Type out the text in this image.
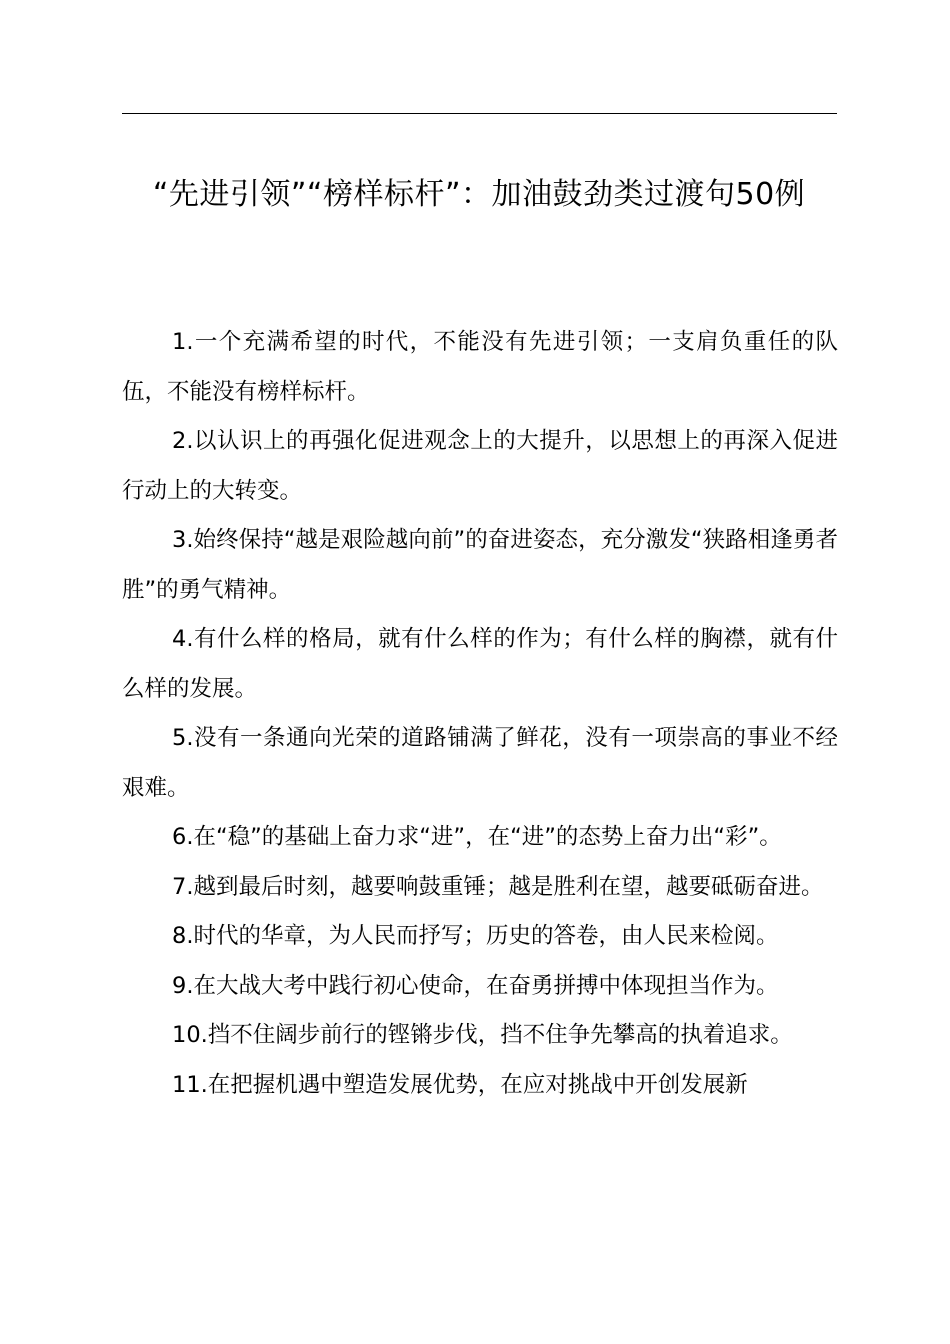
“先进引领”“榜样标杆”：加油鼓劲类过渡句50例

1.一个充满希望的时代，不能没有先进引领；一支肩负重任的队伍，不能没有榜样标杆。

2.以认识上的再强化促进观念上的大提升，以思想上的再深入促进行动上的大转变。

3.始终保持“越是艰险越向前”的奋进姿态，充分激发“狭路相逢勇者胜”的勇气精神。

4.有什么样的格局，就有什么样的作为；有什么样的胸襟，就有什么样的发展。

5.没有一条通向光荣的道路铺满了鲜花，没有一项崇高的事业不经艰难。

6.在“稳”的基础上奋力求“进”，在“进”的态势上奋力出“彩”。

7.越到最后时刻，越要响鼓重锤；越是胜利在望，越要砥砺奋进。

8.时代的华章，为人民而抒写；历史的答卷，由人民来检阅。

9.在大战大考中践行初心使命，在奋勇拼搏中体现担当作为。

10.挡不住阔步前行的铿锵步伐，挡不住争先攀高的执着追求。

11.在把握机遇中塑造发展优势，在应对挑战中开创发展新
